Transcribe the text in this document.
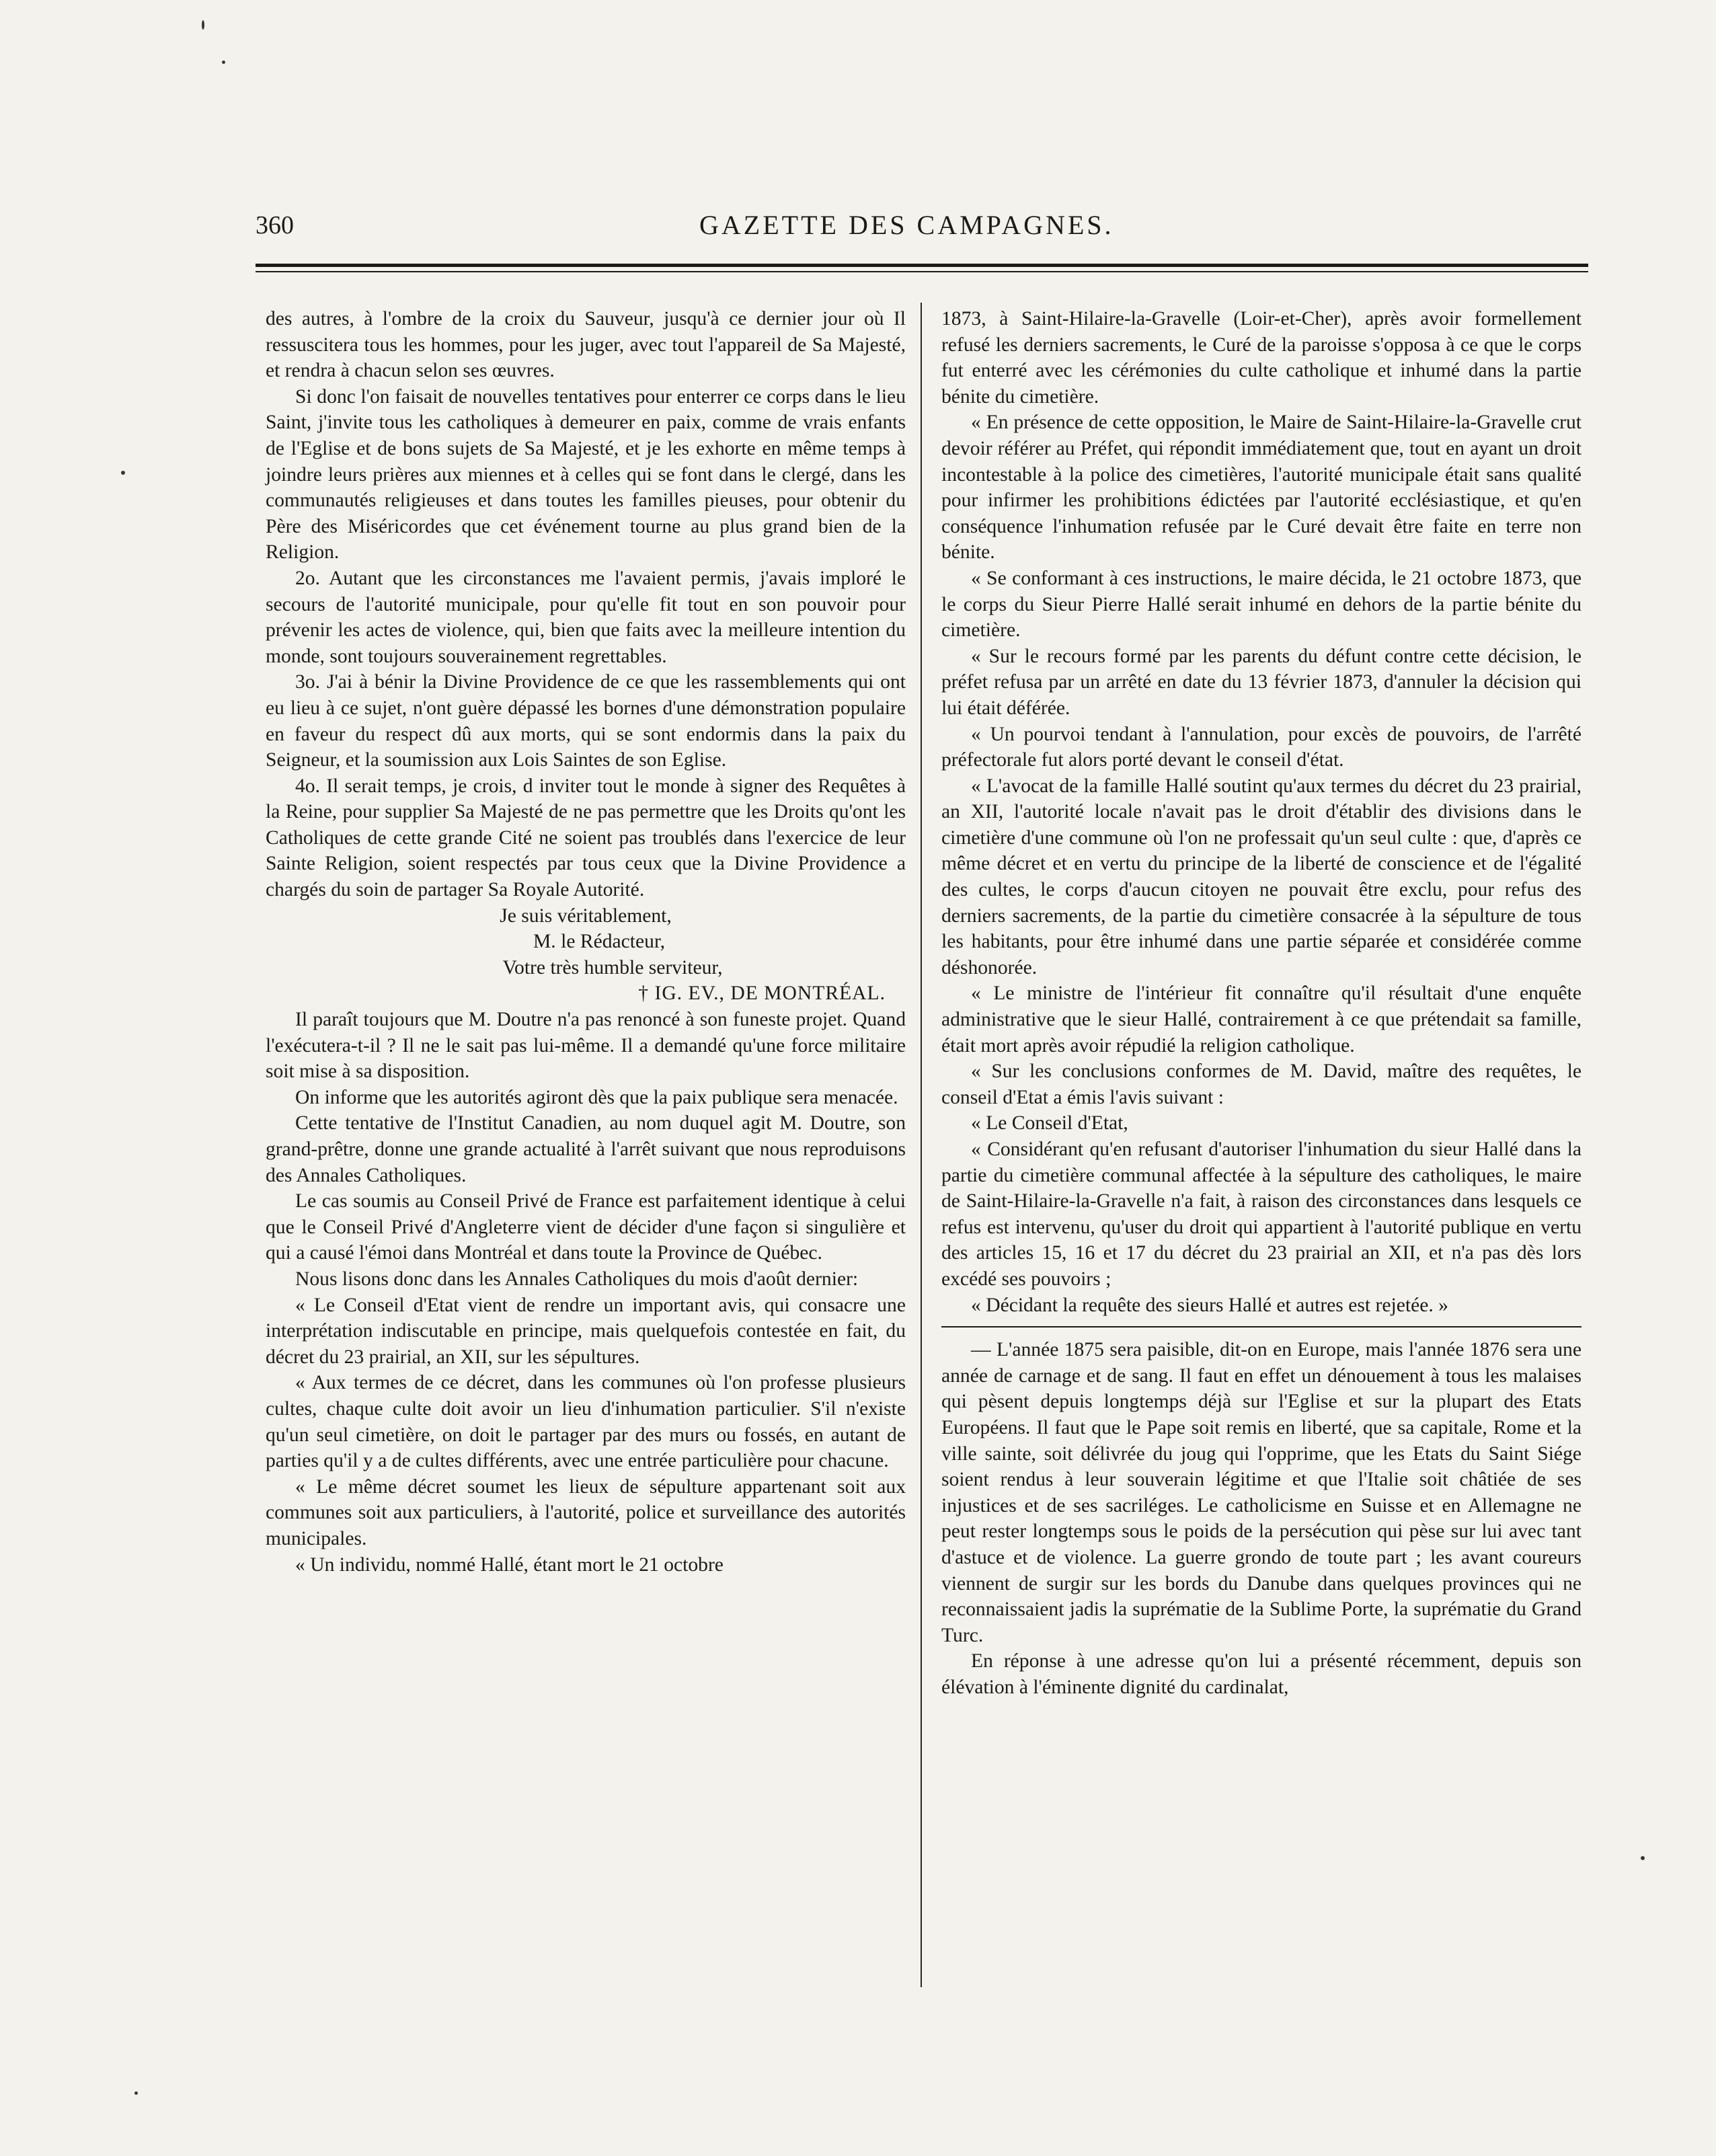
360	GAZETTE DES CAMPAGNES.

des autres, à l'ombre de la croix du Sauveur, jusqu'à ce dernier jour où Il ressuscitera tous les hommes, pour les juger, avec tout l'appareil de Sa Majesté, et rendra à chacun selon ses œuvres.

Si donc l'on faisait de nouvelles tentatives pour enterrer ce corps dans le lieu Saint, j'invite tous les catholiques à demeurer en paix, comme de vrais enfants de l'Eglise et de bons sujets de Sa Majesté, et je les exhorte en même temps à joindre leurs prières aux miennes et à celles qui se font dans le clergé, dans les communautés religieuses et dans toutes les familles pieuses, pour obtenir du Père des Miséricordes que cet événement tourne au plus grand bien de la Religion.

2o. Autant que les circonstances me l'avaient permis, j'avais imploré le secours de l'autorité municipale, pour qu'elle fit tout en son pouvoir pour prévenir les actes de violence, qui, bien que faits avec la meilleure intention du monde, sont toujours souverainement regrettables.

3o. J'ai à bénir la Divine Providence de ce que les rassemblements qui ont eu lieu à ce sujet, n'ont guère dépassé les bornes d'une démonstration populaire en faveur du respect dû aux morts, qui se sont endormis dans la paix du Seigneur, et la soumission aux Lois Saintes de son Eglise.

4o. Il serait temps, je crois, d inviter tout le monde à signer des Requêtes à la Reine, pour supplier Sa Majesté de ne pas permettre que les Droits qu'ont les Catholiques de cette grande Cité ne soient pas troublés dans l'exercice de leur Sainte Religion, soient respectés par tous ceux que la Divine Providence a chargés du soin de partager Sa Royale Autorité.

Je suis véritablement,

M. le Rédacteur,

Votre très humble serviteur,

† IG. EV., DE MONTRÉAL.

Il paraît toujours que M. Doutre n'a pas renoncé à son funeste projet. Quand l'exécutera-t-il ? Il ne le sait pas lui-même. Il a demandé qu'une force militaire soit mise à sa disposition.

On informe que les autorités agiront dès que la paix publique sera menacée.

Cette tentative de l'Institut Canadien, au nom duquel agit M. Doutre, son grand-prêtre, donne une grande actualité à l'arrêt suivant que nous reproduisons des Annales Catholiques.

Le cas soumis au Conseil Privé de France est parfaitement identique à celui que le Conseil Privé d'Angleterre vient de décider d'une façon si singulière et qui a causé l'émoi dans Montréal et dans toute la Province de Québec.

Nous lisons donc dans les Annales Catholiques du mois d'août dernier:

« Le Conseil d'Etat vient de rendre un important avis, qui consacre une interprétation indiscutable en principe, mais quelquefois contestée en fait, du décret du 23 prairial, an XII, sur les sépultures.

« Aux termes de ce décret, dans les communes où l'on professe plusieurs cultes, chaque culte doit avoir un lieu d'inhumation particulier. S'il n'existe qu'un seul cimetière, on doit le partager par des murs ou fossés, en autant de parties qu'il y a de cultes différents, avec une entrée particulière pour chacune.

« Le même décret soumet les lieux de sépulture appartenant soit aux communes soit aux particuliers, à l'autorité, police et surveillance des autorités municipales.

« Un individu, nommé Hallé, étant mort le 21 octobre

1873, à Saint-Hilaire-la-Gravelle (Loir-et-Cher), après avoir formellement refusé les derniers sacrements, le Curé de la paroisse s'opposa à ce que le corps fut enterré avec les cérémonies du culte catholique et inhumé dans la partie bénite du cimetière.

« En présence de cette opposition, le Maire de Saint-Hilaire-la-Gravelle crut devoir référer au Préfet, qui répondit immédiatement que, tout en ayant un droit incontestable à la police des cimetières, l'autorité municipale était sans qualité pour infirmer les prohibitions édictées par l'autorité ecclésiastique, et qu'en conséquence l'inhumation refusée par le Curé devait être faite en terre non bénite.

« Se conformant à ces instructions, le maire décida, le 21 octobre 1873, que le corps du Sieur Pierre Hallé serait inhumé en dehors de la partie bénite du cimetière.

« Sur le recours formé par les parents du défunt contre cette décision, le préfet refusa par un arrêté en date du 13 février 1873, d'annuler la décision qui lui était déférée.

« Un pourvoi tendant à l'annulation, pour excès de pouvoirs, de l'arrêté préfectorale fut alors porté devant le conseil d'état.

« L'avocat de la famille Hallé soutint qu'aux termes du décret du 23 prairial, an XII, l'autorité locale n'avait pas le droit d'établir des divisions dans le cimetière d'une commune où l'on ne professait qu'un seul culte : que, d'après ce même décret et en vertu du principe de la liberté de conscience et de l'égalité des cultes, le corps d'aucun citoyen ne pouvait être exclu, pour refus des derniers sacrements, de la partie du cimetière consacrée à la sépulture de tous les habitants, pour être inhumé dans une partie séparée et considérée comme déshonorée.

« Le ministre de l'intérieur fit connaître qu'il résultait d'une enquête administrative que le sieur Hallé, contrairement à ce que prétendait sa famille, était mort après avoir répudié la religion catholique.

« Sur les conclusions conformes de M. David, maître des requêtes, le conseil d'Etat a émis l'avis suivant :

« Le Conseil d'Etat,

« Considérant qu'en refusant d'autoriser l'inhumation du sieur Hallé dans la partie du cimetière communal affectée à la sépulture des catholiques, le maire de Saint-Hilaire-la-Gravelle n'a fait, à raison des circonstances dans lesquels ce refus est intervenu, qu'user du droit qui appartient à l'autorité publique en vertu des articles 15, 16 et 17 du décret du 23 prairial an XII, et n'a pas dès lors excédé ses pouvoirs ;

« Décidant la requête des sieurs Hallé et autres est rejetée. »

— L'année 1875 sera paisible, dit-on en Europe, mais l'année 1876 sera une année de carnage et de sang. Il faut en effet un dénouement à tous les malaises qui pèsent depuis longtemps déjà sur l'Eglise et sur la plupart des Etats Européens. Il faut que le Pape soit remis en liberté, que sa capitale, Rome et la ville sainte, soit délivrée du joug qui l'opprime, que les Etats du Saint Siége soient rendus à leur souverain légitime et que l'Italie soit châtiée de ses injustices et de ses sacriléges. Le catholicisme en Suisse et en Allemagne ne peut rester longtemps sous le poids de la persécution qui pèse sur lui avec tant d'astuce et de violence. La guerre grondo de toute part ; les avant coureurs viennent de surgir sur les bords du Danube dans quelques provinces qui ne reconnaissaient jadis la suprématie de la Sublime Porte, la suprématie du Grand Turc.

En réponse à une adresse qu'on lui a présenté récemment, depuis son élévation à l'éminente dignité du cardinalat,
